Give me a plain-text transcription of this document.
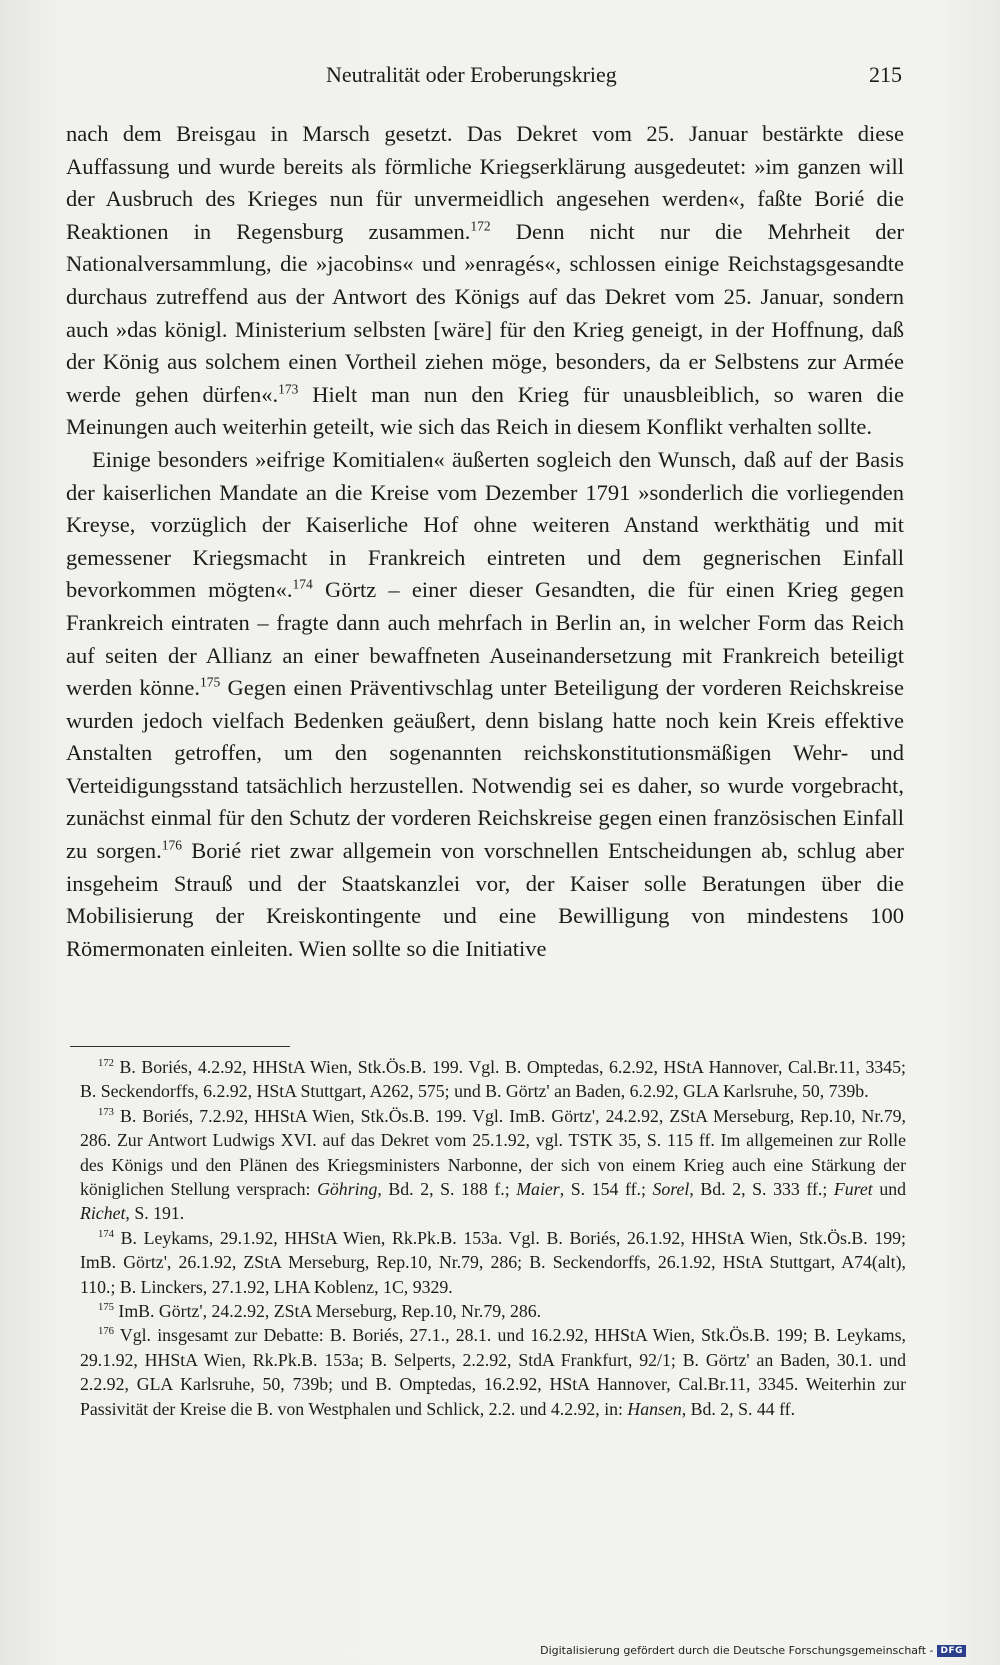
Neutralität oder Eroberungskrieg	215

nach dem Breisgau in Marsch gesetzt. Das Dekret vom 25. Januar bestärkte diese Auffassung und wurde bereits als förmliche Kriegserklärung ausgedeutet: »im ganzen will der Ausbruch des Krieges nun für unvermeidlich angesehen werden«, faßte Borié die Reaktionen in Regensburg zusammen.$^{172}$ Denn nicht nur die Mehrheit der Nationalversammlung, die »jacobins« und »enragés«, schlossen einige Reichstagsgesandte durchaus zutreffend aus der Antwort des Königs auf das Dekret vom 25. Januar, sondern auch »das königl. Ministerium selbsten [wäre] für den Krieg geneigt, in der Hoffnung, daß der König aus solchem einen Vortheil ziehen möge, besonders, da er Selbstens zur Armée werde gehen dürfen«.$^{173}$ Hielt man nun den Krieg für unausbleiblich, so waren die Meinungen auch weiterhin geteilt, wie sich das Reich in diesem Konflikt verhalten sollte.

Einige besonders »eifrige Komitialen« äußerten sogleich den Wunsch, daß auf der Basis der kaiserlichen Mandate an die Kreise vom Dezember 1791 »sonderlich die vorliegenden Kreyse, vorzüglich der Kaiserliche Hof ohne weiteren Anstand werkthätig und mit gemessener Kriegsmacht in Frankreich eintreten und dem gegnerischen Einfall bevorkommen mögten«.$^{174}$ Görtz – einer dieser Gesandten, die für einen Krieg gegen Frankreich eintraten – fragte dann auch mehrfach in Berlin an, in welcher Form das Reich auf seiten der Allianz an einer bewaffneten Auseinandersetzung mit Frankreich beteiligt werden könne.$^{175}$ Gegen einen Präventivschlag unter Beteiligung der vorderen Reichskreise wurden jedoch vielfach Bedenken geäußert, denn bislang hatte noch kein Kreis effektive Anstalten getroffen, um den sogenannten reichskonstitutionsmäßigen Wehr- und Verteidigungsstand tatsächlich herzustellen. Notwendig sei es daher, so wurde vorgebracht, zunächst einmal für den Schutz der vorderen Reichskreise gegen einen französischen Einfall zu sorgen.$^{176}$ Borié riet zwar allgemein von vorschnellen Entscheidungen ab, schlug aber insgeheim Strauß und der Staatskanzlei vor, der Kaiser solle Beratungen über die Mobilisierung der Kreiskontingente und eine Bewilligung von mindestens 100 Römermonaten einleiten. Wien sollte so die Initiative

$^{172}$ B. Boriés, 4.2.92, HHStA Wien, Stk.Ös.B. 199. Vgl. B. Omptedas, 6.2.92, HStA Hannover, Cal.Br.11, 3345; B. Seckendorffs, 6.2.92, HStA Stuttgart, A262, 575; und B. Görtz' an Baden, 6.2.92, GLA Karlsruhe, 50, 739b.

$^{173}$ B. Boriés, 7.2.92, HHStA Wien, Stk.Ös.B. 199. Vgl. ImB. Görtz', 24.2.92, ZStA Merseburg, Rep.10, Nr.79, 286. Zur Antwort Ludwigs XVI. auf das Dekret vom 25.1.92, vgl. TSTK 35, S. 115 ff. Im allgemeinen zur Rolle des Königs und den Plänen des Kriegsministers Narbonne, der sich von einem Krieg auch eine Stärkung der königlichen Stellung versprach: Göhring, Bd. 2, S. 188 f.; Maier, S. 154 ff.; Sorel, Bd. 2, S. 333 ff.; Furet und Richet, S. 191.

$^{174}$ B. Leykams, 29.1.92, HHStA Wien, Rk.Pk.B. 153a. Vgl. B. Boriés, 26.1.92, HHStA Wien, Stk.Ös.B. 199; ImB. Görtz', 26.1.92, ZStA Merseburg, Rep.10, Nr.79, 286; B. Seckendorffs, 26.1.92, HStA Stuttgart, A74(alt), 110.; B. Linckers, 27.1.92, LHA Koblenz, 1C, 9329.

$^{175}$ ImB. Görtz', 24.2.92, ZStA Merseburg, Rep.10, Nr.79, 286.

$^{176}$ Vgl. insgesamt zur Debatte: B. Boriés, 27.1., 28.1. und 16.2.92, HHStA Wien, Stk.Ös.B. 199; B. Leykams, 29.1.92, HHStA Wien, Rk.Pk.B. 153a; B. Selperts, 2.2.92, StdA Frankfurt, 92/1; B. Görtz' an Baden, 30.1. und 2.2.92, GLA Karlsruhe, 50, 739b; und B. Omptedas, 16.2.92, HStA Hannover, Cal.Br.11, 3345. Weiterhin zur Passivität der Kreise die B. von Westphalen und Schlick, 2.2. und 4.2.92, in: Hansen, Bd. 2, S. 44 ff.

Digitalisierung gefördert durch die Deutsche Forschungsgemeinschaft - DFG
